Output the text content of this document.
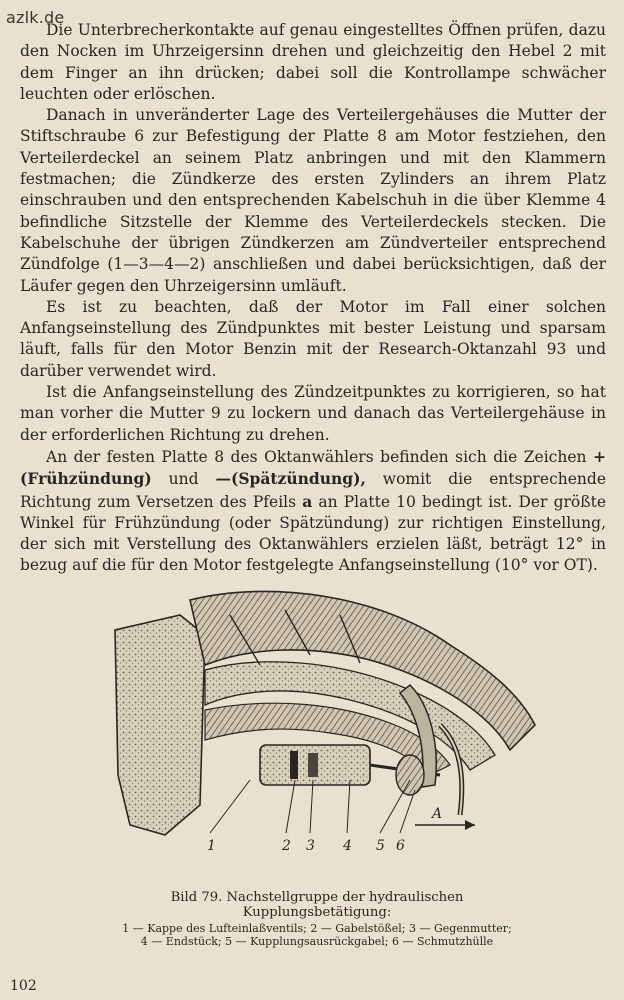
azlk.de

Die Unterbrecherkontakte auf genau eingestelltes Öffnen prüfen, dazu den Nocken im Uhrzeigersinn drehen und gleichzeitig den Hebel 2 mit dem Finger an ihn drücken; dabei soll die Kontrollampe schwächer leuchten oder erlöschen.

Danach in unveränderter Lage des Verteilergehäuses die Mutter der Stiftschraube 6 zur Befestigung der Platte 8 am Motor festziehen, den Verteilerdeckel an seinem Platz anbringen und mit den Klammern festmachen; die Zündkerze des ersten Zylinders an ihrem Platz einschrauben und den entsprechenden Kabelschuh in die über Klemme 4 befindliche Sitzstelle der Klemme des Verteilerdeckels stecken. Die Kabelschuhe der übrigen Zündkerzen am Zündverteiler entsprechend Zündfolge (1—3—4—2) anschließen und dabei berücksichtigen, daß der Läufer gegen den Uhrzeigersinn umläuft.

Es ist zu beachten, daß der Motor im Fall einer solchen Anfangseinstellung des Zündpunktes mit bester Leistung und sparsam läuft, falls für den Motor Benzin mit der Research-Oktanzahl 93 und darüber verwendet wird.

Ist die Anfangseinstellung des Zündzeitpunktes zu korrigieren, so hat man vorher die Mutter 9 zu lockern und danach das Verteilergehäuse in der erforderlichen Richtung zu drehen.

An der festen Platte 8 des Oktanwählers befinden sich die Zeichen +(Frühzündung) und —(Spätzündung), womit die entsprechende Richtung zum Versetzen des Pfeils a an Platte 10 bedingt ist. Der größte Winkel für Frühzündung (oder Spätzündung) zur richtigen Einstellung, der sich mit Verstellung des Oktanwählers erzielen läßt, beträgt 12° in bezug auf die für den Motor festgelegte Anfangseinstellung (10° vor OT).

A
1	2 3 4 5 6
Bild 79. Nachstellgruppe der hydraulischen Kupplungsbetätigung:
1 — Kappe des Lufteinlaßventils; 2 — Gabelstößel; 3 — Gegenmutter; 4 — Endstück; 5 — Kupplungsausrückgabel; 6 — Schmutzhülle
102
